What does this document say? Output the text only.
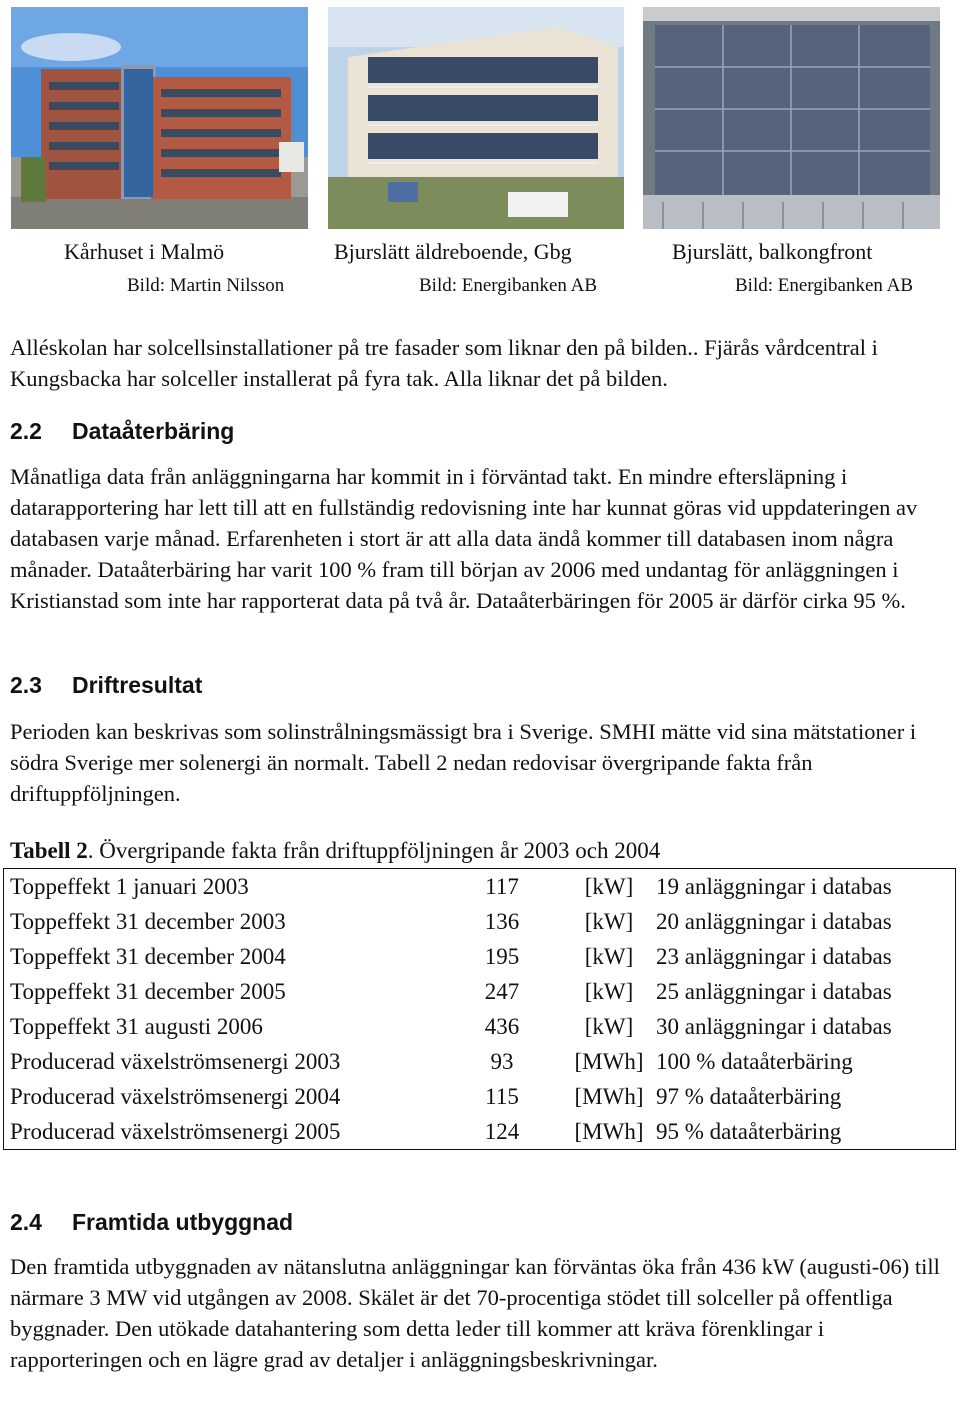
Kårhuset i Malmö	Bjurslätt äldreboende, Gbg	Bjurslätt, balkongfront
Bild: Martin Nilsson	Bild: Energibanken AB	Bild: Energibanken AB

Alléskolan har solcellsinstallationer på tre fasader som liknar den på bilden.. Fjärås vårdcentral i Kungsbacka har solceller installerat på fyra tak. Alla liknar det på bilden.

2.2 Dataåterbäring

Månatliga data från anläggningarna har kommit in i förväntad takt. En mindre eftersläpning i datarapportering har lett till att en fullständig redovisning inte har kunnat göras vid uppdateringen av databasen varje månad. Erfarenheten i stort är att alla data ändå kommer till databasen inom några månader. Dataåterbäring har varit 100 % fram till början av 2006 med undantag för anläggningen i Kristianstad som inte har rapporterat data på två år. Dataåterbäringen för 2005 är därför cirka 95 %.

2.3 Driftresultat

Perioden kan beskrivas som solinstrålningsmässigt bra i Sverige. SMHI mätte vid sina mätstationer i södra Sverige mer solenergi än normalt. Tabell 2 nedan redovisar övergripande fakta från driftuppföljningen.

Tabell 2. Övergripande fakta från driftuppföljningen år 2003 och 2004
Toppeffekt 1 januari 2003	117	[kW]	19 anläggningar i databas
Toppeffekt 31 december 2003	136	[kW]	20 anläggningar i databas
Toppeffekt 31 december 2004	195	[kW]	23 anläggningar i databas
Toppeffekt 31 december 2005	247	[kW]	25 anläggningar i databas
Toppeffekt 31 augusti 2006	436	[kW]	30 anläggningar i databas
Producerad växelströmsenergi 2003	93	[MWh]	100 % dataåterbäring
Producerad växelströmsenergi 2004	115	[MWh]	97 % dataåterbäring
Producerad växelströmsenergi 2005	124	[MWh]	95 % dataåterbäring
2.4 Framtida utbyggnad

Den framtida utbyggnaden av nätanslutna anläggningar kan förväntas öka från 436 kW (augusti-06) till närmare 3 MW vid utgången av 2008. Skälet är det 70-procentiga stödet till solceller på offentliga byggnader. Den utökade datahantering som detta leder till kommer att kräva förenklingar i rapporteringen och en lägre grad av detaljer i anläggningsbeskrivningar.
